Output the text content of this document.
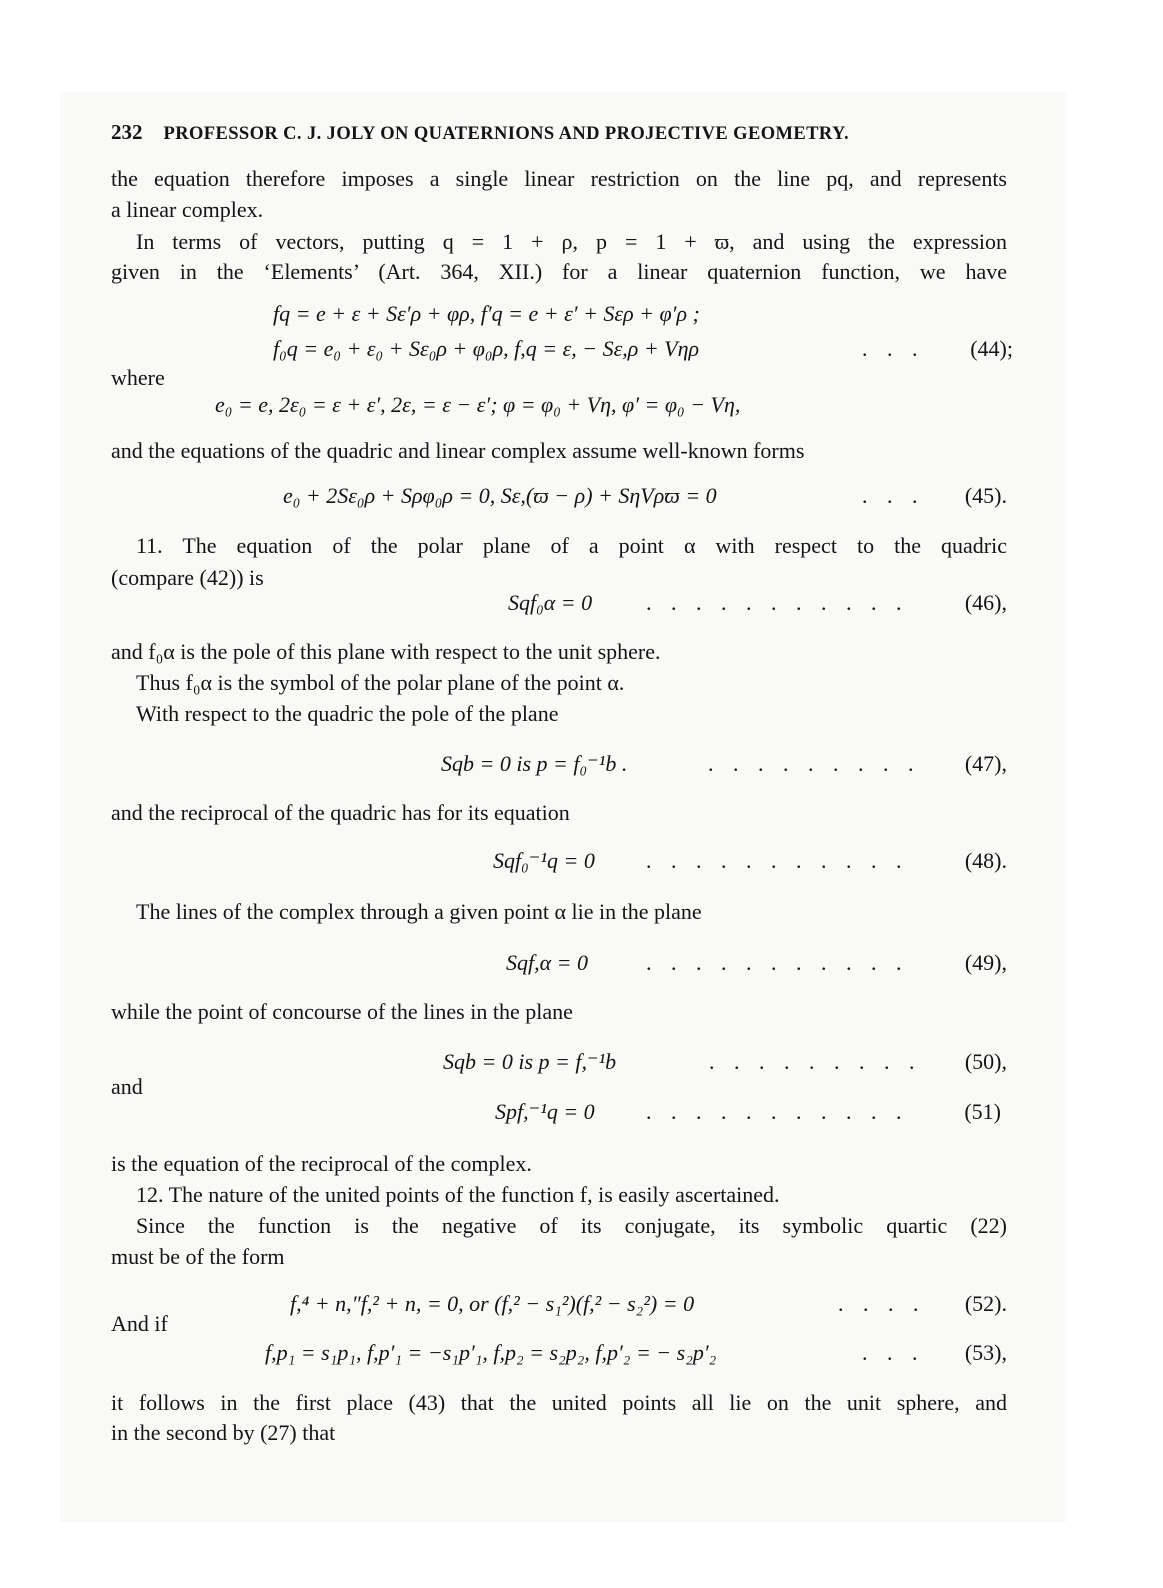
232 PROFESSOR C. J. JOLY ON QUATERNIONS AND PROJECTIVE GEOMETRY.
the equation therefore imposes a single linear restriction on the line pq, and represents
a linear complex.
In terms of vectors, putting q = 1 + ρ, p = 1 + ϖ, and using the expression
given in the ‘Elements’ (Art. 364, XII.) for a linear quaternion function, we have
fq = e + ε + Sε′ρ + φρ, f′q = e + ε′ + Sερ + φ′ρ ;
f₀q = e₀ + ε₀ + Sε₀ρ + φ₀ρ, f,q = ε, − Sε,ρ + Vηρ	. . . (44);
where
e₀ = e, 2ε₀ = ε + ε′, 2ε, = ε − ε′; φ = φ₀ + Vη, φ′ = φ₀ − Vη,
and the equations of the quadric and linear complex assume well-known forms
e₀ + 2Sε₀ρ + Sρφ₀ρ = 0, Sε,(ϖ − ρ) + SηVρϖ = 0	. . . (45).
11. The equation of the polar plane of a point α with respect to the quadric
(compare (42)) is
Sqf₀α = 0 . . . . . . . . . . .	(46),
and f₀α is the pole of this plane with respect to the unit sphere.
Thus f₀α is the symbol of the polar plane of the point α.
With respect to the quadric the pole of the plane
Sqb = 0 is p = f₀⁻¹b .	. . . . . . . . . (47),
and the reciprocal of the quadric has for its equation
Sqf₀⁻¹q = 0 . . . . . . . . . . .	(48).
The lines of the complex through a given point α lie in the plane
Sqf,α = 0	. . . . . . . . . . .	(49),
while the point of concourse of the lines in the plane
Sqb = 0 is p = f,⁻¹b	. . . . . . . . . (50),
and
Spf,⁻¹q = 0 . . . . . . . . . . .	(51)
is the equation of the reciprocal of the complex.
12. The nature of the united points of the function f, is easily ascertained.
Since the function is the negative of its conjugate, its symbolic quartic (22)
must be of the form
f,⁴ + n,″f,² + n, = 0, or (f,² − s₁²)(f,² − s₂²) = 0	. . . . (52).
And if
f,p₁ = s₁p₁, f,p′₁ = −s₁p′₁, f,p₂ = s₂p₂, f,p′₂ = − s₂p′₂	. . . (53),
it follows in the first place (43) that the united points all lie on the unit sphere, and
in the second by (27) that
